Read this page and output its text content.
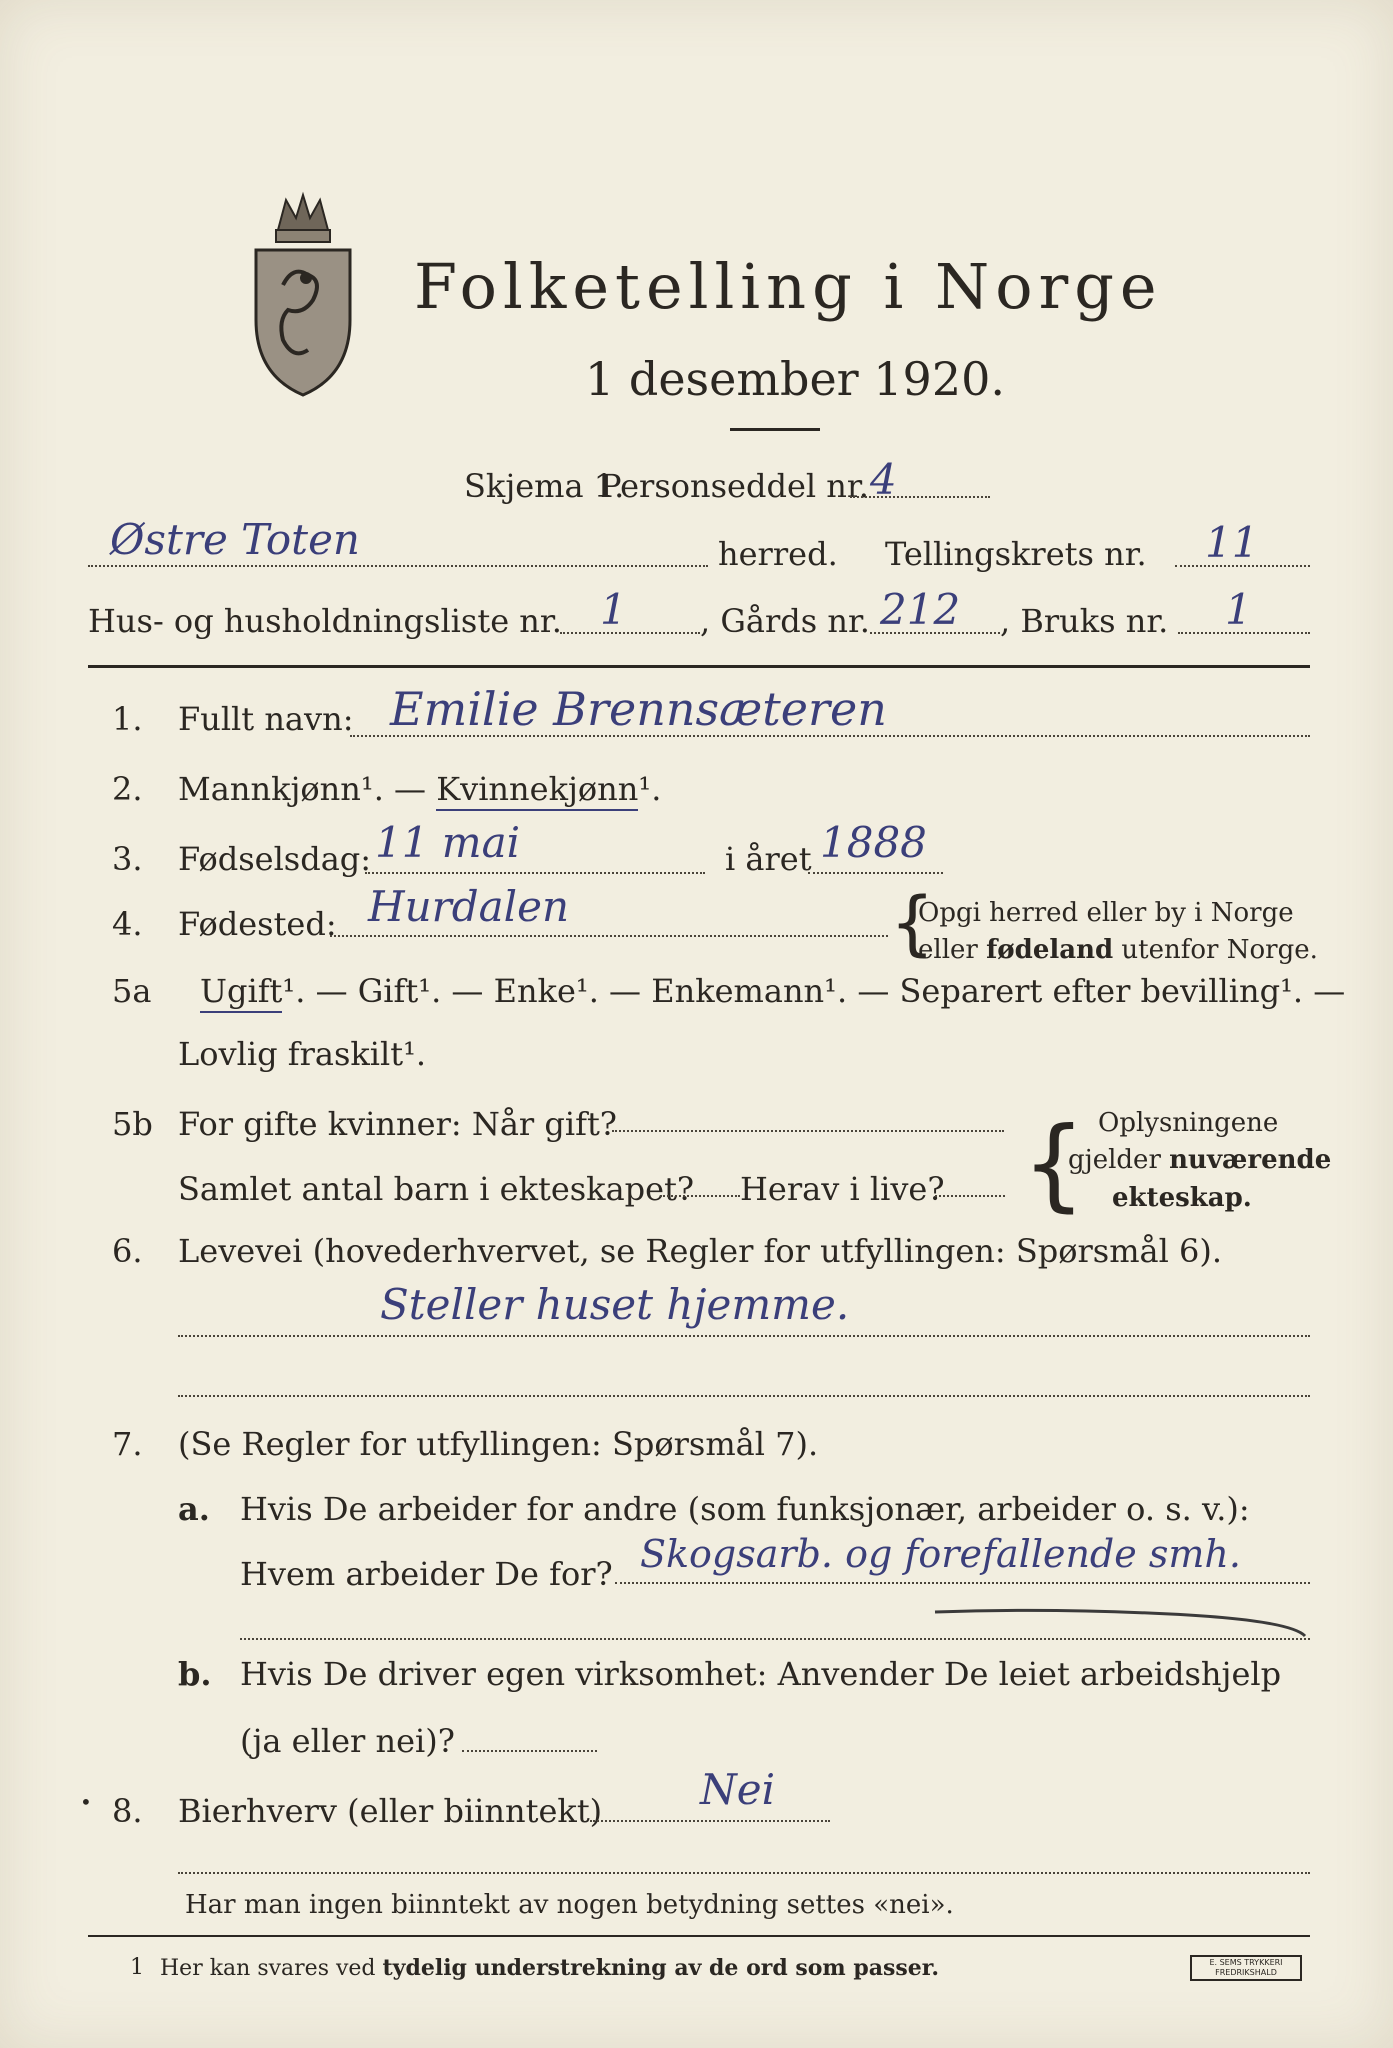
Folketelling i Norge
1 desember 1920.
Skjema 1.
Personseddel nr. 4
Østre Toten	herred. Tellingskrets nr. 11
Hus- og husholdningsliste nr. 1 , Gårds nr. 212 , Bruks nr. 1
1. Fullt navn: Emilie Brennsæteren
2. Mannkjønn¹. — Kvinnekjønn¹.
3. Fødselsdag: 11 mai	i året 1888
4. Fødested: Hurdalen	{
Opgi herred eller by i Norge
eller fødeland utenfor Norge.
5a Ugift¹. — Gift¹. — Enke¹. — Enkemann¹. — Separert efter bevilling¹. —
Lovlig fraskilt¹.
5b For gifte kvinner: Når gift?
Samlet antal barn i ekteskapet? Herav i live? { Oplysningene
gjelder nuværende
ekteskap.
6. Levevei (hovederhvervet, se Regler for utfyllingen: Spørsmål 6).
Steller huset hjemme.
7. (Se Regler for utfyllingen: Spørsmål 7).
a. Hvis De arbeider for andre (som funksjonær, arbeider o. s. v.):
Hvem arbeider De for? Skogsarb. og forefallende smh.
b. Hvis De driver egen virksomhet: Anvender De leiet arbeidshjelp
(ja eller nei)?
• 8. Bierhverv (eller biinntekt) Nei
Har man ingen biinntekt av nogen betydning settes «nei».
1 Her kan svares ved tydelig understrekning av de ord som passer.	E. SEMS TRYKKERI FREDRIKSHALD
